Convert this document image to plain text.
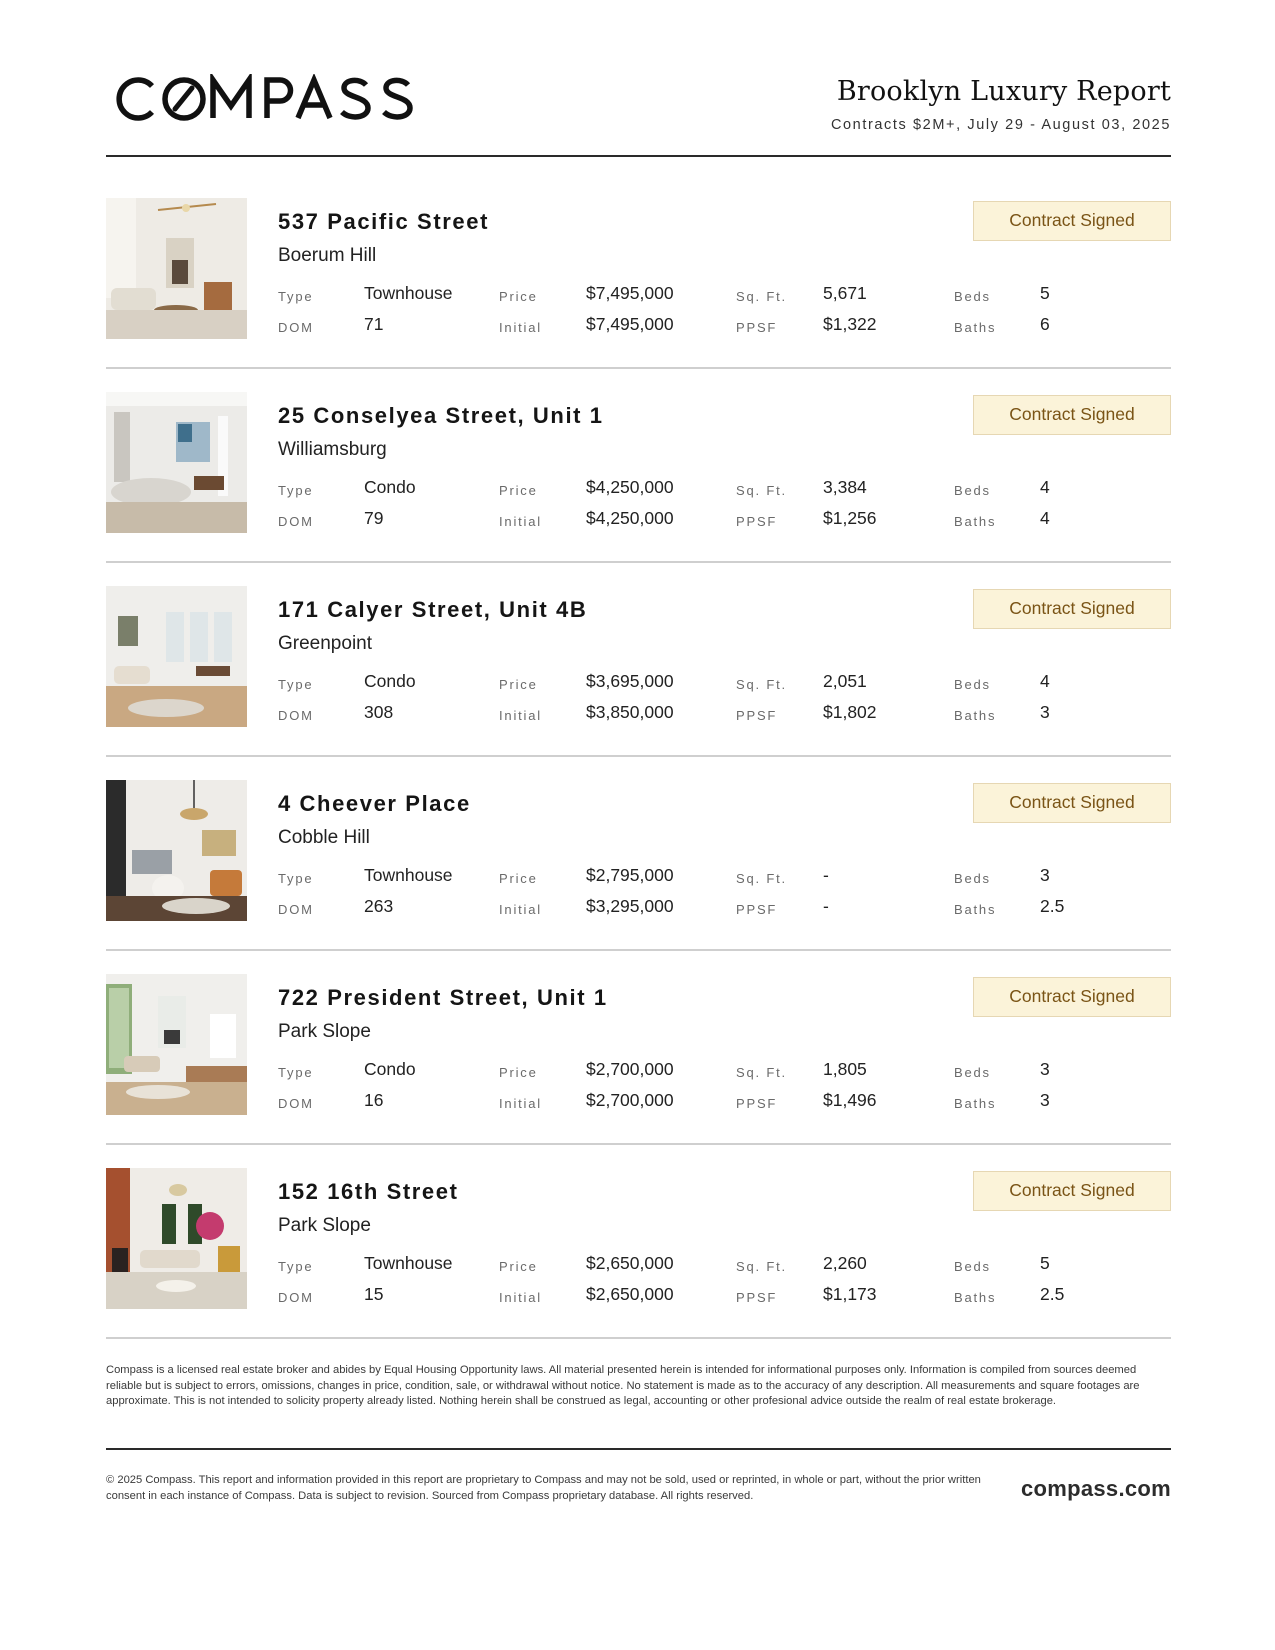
Brooklyn Luxury Report
Contracts $2M+, July 29 - August 03, 2025
537 Pacific Street
Boerum Hill
Contract Signed
Type	Townhouse	Price	$7,495,000	Sq. Ft. 5,671	Beds	5
DOM	71	Initial	$7,495,000	PPSF	$1,322	Baths	6
25 Conselyea Street, Unit 1
Williamsburg
Contract Signed
Type	Condo	Price	$4,250,000	Sq. Ft. 3,384	Beds	4
DOM	79	Initial	$4,250,000	PPSF	$1,256	Baths	4
171 Calyer Street, Unit 4B
Greenpoint
Contract Signed
Type	Condo	Price	$3,695,000	Sq. Ft. 2,051	Beds	4
DOM	308	Initial	$3,850,000	PPSF	$1,802	Baths	3
4 Cheever Place
Cobble Hill
Contract Signed
Type	Townhouse	Price	$2,795,000	Sq. Ft. -	Beds	3
DOM	263	Initial	$3,295,000	PPSF	-	Baths	2.5
722 President Street, Unit 1
Park Slope
Contract Signed
Type	Condo	Price	$2,700,000	Sq. Ft. 1,805	Beds	3
DOM	16	Initial	$2,700,000	PPSF	$1,496	Baths	3
152 16th Street
Park Slope
Contract Signed
Type	Townhouse	Price	$2,650,000	Sq. Ft. 2,260	Beds	5
DOM	15	Initial	$2,650,000	PPSF	$1,173	Baths	2.5
Compass is a licensed real estate broker and abides by Equal Housing Opportunity laws. All material presented herein is intended for informational purposes only. Information is compiled from sources deemed reliable but is subject to errors, omissions, changes in price, condition, sale, or withdrawal without notice. No statement is made as to the accuracy of any description. All measurements and square footages are approximate. This is not intended to solicity property already listed. Nothing herein shall be construed as legal, accounting or other profesional advice outside the realm of real estate brokerage.
© 2025 Compass. This report and information provided in this report are proprietary to Compass and may not be sold, used or reprinted, in whole or part, without the prior written consent in each instance of Compass. Data is subject to revision. Sourced from Compass proprietary database. All rights reserved.	compass.com
